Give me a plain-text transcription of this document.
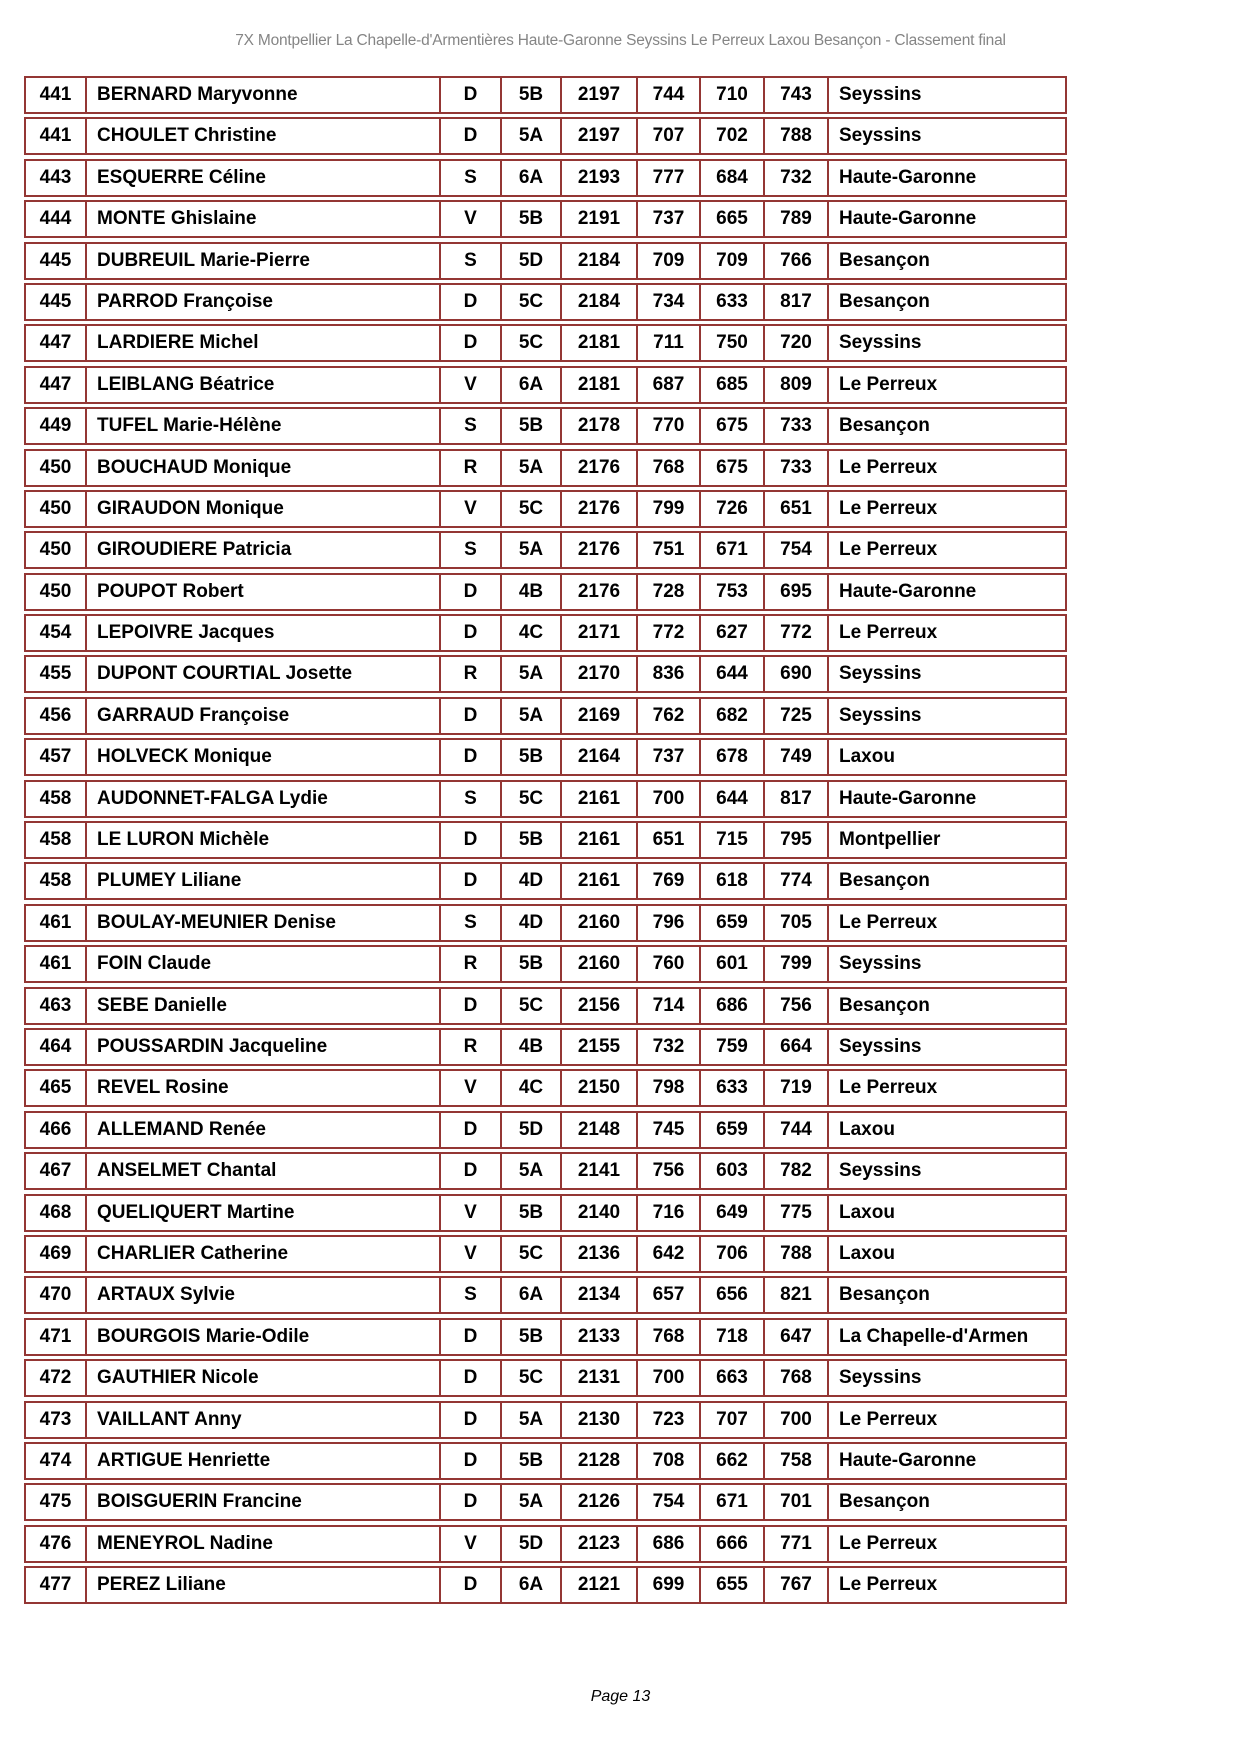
7X Montpellier La Chapelle-d'Armentières Haute-Garonne Seyssins Le Perreux Laxou Besançon - Classement final
441	BERNARD Maryvonne	D	5B	2197	744	710	743	Seyssins
441	CHOULET Christine	D	5A	2197	707	702	788	Seyssins
443	ESQUERRE Céline	S	6A	2193	777	684	732	Haute-Garonne
444	MONTE Ghislaine	V	5B	2191	737	665	789	Haute-Garonne
445	DUBREUIL Marie-Pierre	S	5D	2184	709	709	766	Besançon
445	PARROD Françoise	D	5C	2184	734	633	817	Besançon
447	LARDIERE Michel	D	5C	2181	711	750	720	Seyssins
447	LEIBLANG Béatrice	V	6A	2181	687	685	809	Le Perreux
449	TUFEL Marie-Hélène	S	5B	2178	770	675	733	Besançon
450	BOUCHAUD Monique	R	5A	2176	768	675	733	Le Perreux
450	GIRAUDON Monique	V	5C	2176	799	726	651	Le Perreux
450	GIROUDIERE Patricia	S	5A	2176	751	671	754	Le Perreux
450	POUPOT Robert	D	4B	2176	728	753	695	Haute-Garonne
454	LEPOIVRE Jacques	D	4C	2171	772	627	772	Le Perreux
455	DUPONT COURTIAL Josette	R	5A	2170	836	644	690	Seyssins
456	GARRAUD Françoise	D	5A	2169	762	682	725	Seyssins
457	HOLVECK Monique	D	5B	2164	737	678	749	Laxou
458	AUDONNET-FALGA Lydie	S	5C	2161	700	644	817	Haute-Garonne
458	LE LURON Michèle	D	5B	2161	651	715	795	Montpellier
458	PLUMEY Liliane	D	4D	2161	769	618	774	Besançon
461	BOULAY-MEUNIER Denise	S	4D	2160	796	659	705	Le Perreux
461	FOIN Claude	R	5B	2160	760	601	799	Seyssins
463	SEBE Danielle	D	5C	2156	714	686	756	Besançon
464	POUSSARDIN Jacqueline	R	4B	2155	732	759	664	Seyssins
465	REVEL Rosine	V	4C	2150	798	633	719	Le Perreux
466	ALLEMAND Renée	D	5D	2148	745	659	744	Laxou
467	ANSELMET Chantal	D	5A	2141	756	603	782	Seyssins
468	QUELIQUERT Martine	V	5B	2140	716	649	775	Laxou
469	CHARLIER Catherine	V	5C	2136	642	706	788	Laxou
470	ARTAUX Sylvie	S	6A	2134	657	656	821	Besançon
471	BOURGOIS Marie-Odile	D	5B	2133	768	718	647	La Chapelle-d'Armen
472	GAUTHIER Nicole	D	5C	2131	700	663	768	Seyssins
473	VAILLANT Anny	D	5A	2130	723	707	700	Le Perreux
474	ARTIGUE Henriette	D	5B	2128	708	662	758	Haute-Garonne
475	BOISGUERIN Francine	D	5A	2126	754	671	701	Besançon
476	MENEYROL Nadine	V	5D	2123	686	666	771	Le Perreux
477	PEREZ Liliane	D	6A	2121	699	655	767	Le Perreux
Page 13
